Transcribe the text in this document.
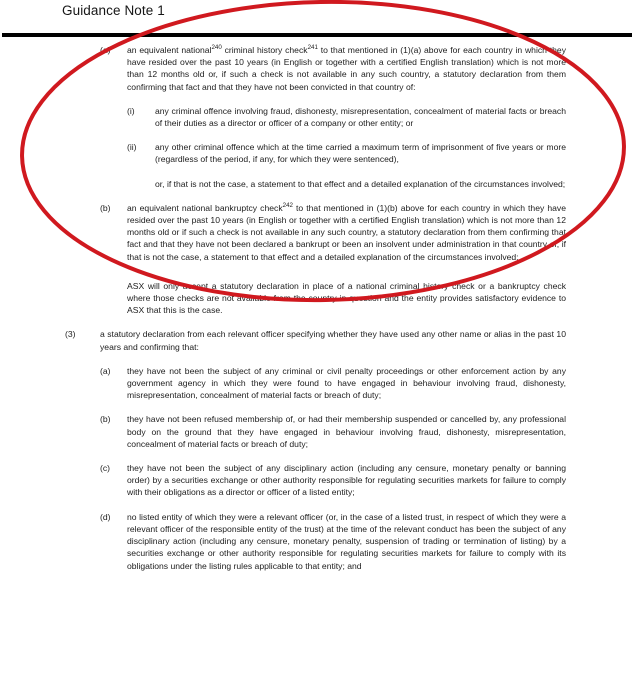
Guidance Note 1
(a) an equivalent national$^{240}$ criminal history check$^{241}$ to that mentioned in (1)(a) above for each country in which they have resided over the past 10 years (in English or together with a certified English translation) which is not more than 12 months old or, if such a check is not available in any such country, a statutory declaration from them confirming that fact and that they have not been convicted in that country of:
(i) any criminal offence involving fraud, dishonesty, misrepresentation, concealment of material facts or breach of their duties as a director or officer of a company or other entity; or
(ii) any other criminal offence which at the time carried a maximum term of imprisonment of five years or more (regardless of the period, if any, for which they were sentenced),

or, if that is not the case, a statement to that effect and a detailed explanation of the circumstances involved;

(b) an equivalent national bankruptcy check$^{242}$ to that mentioned in (1)(b) above for each country in which they have resided over the past 10 years (in English or together with a certified English translation) which is not more than 12 months old or if such a check is not available in any such country, a statutory declaration from them confirming that fact and that they have not been declared a bankrupt or been an insolvent under administration in that country or, if that is not the case, a statement to that effect and a detailed explanation of the circumstances involved;

ASX will only accept a statutory declaration in place of a national criminal history check or a bankruptcy check where those checks are not available from the country in question and the entity provides satisfactory evidence to ASX that this is the case.

(3)	a statutory declaration from each relevant officer specifying whether they have used any other name or alias in the past 10 years and confirming that:
(a) they have not been the subject of any criminal or civil penalty proceedings or other enforcement action by any government agency in which they were found to have engaged in behaviour involving fraud, dishonesty, misrepresentation, concealment of material facts or breach of duty;
(b) they have not been refused membership of, or had their membership suspended or cancelled by, any professional body on the ground that they have engaged in behaviour involving fraud, dishonesty, misrepresentation, concealment of material facts or breach of duty;
(c) they have not been the subject of any disciplinary action (including any censure, monetary penalty or banning order) by a securities exchange or other authority responsible for regulating securities markets for failure to comply with their obligations as a director or officer of a listed entity;
(d) no listed entity of which they were a relevant officer (or, in the case of a listed trust, in respect of which they were a relevant officer of the responsible entity of the trust) at the time of the relevant conduct has been the subject of any disciplinary action (including any censure, monetary penalty, suspension of trading or termination of listing) by a securities exchange or other authority responsible for regulating securities markets for failure to comply with its obligations under the listing rules applicable to that entity; and
